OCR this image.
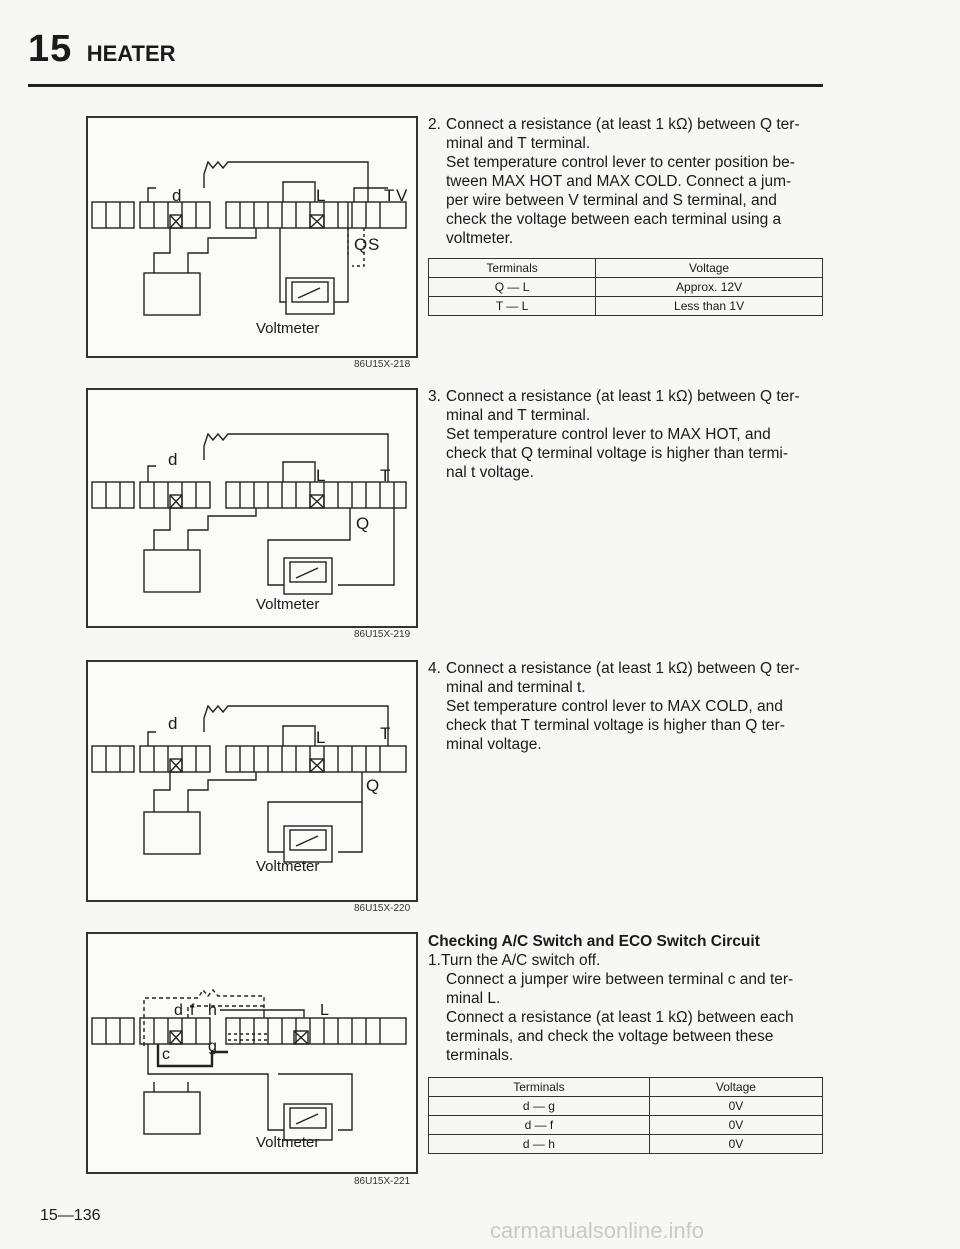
15 HEATER
d	L	T V
Q S
Voltmeter
86U15X-218
d
L	T
Q
Voltmeter
86U15X-219
d
L	T
Q
Voltmeter
86U15X-220
d f h	L
c g
Voltmeter
86U15X-221
2. Connect a resistance (at least 1 kΩ) between Q ter-
minal and T terminal.
Set temperature control lever to center position be-
tween MAX HOT and MAX COLD. Connect a jum-
per wire between V terminal and S terminal, and
check the voltage between each terminal using a
voltmeter.
Terminals	Voltage
Q — L	Approx. 12V
T — L	Less than 1V
3. Connect a resistance (at least 1 kΩ) between Q ter-
minal and T terminal.
Set temperature control lever to MAX HOT, and
check that Q terminal voltage is higher than termi-
nal t voltage.
4. Connect a resistance (at least 1 kΩ) between Q ter-
minal and terminal t.
Set temperature control lever to MAX COLD, and
check that T terminal voltage is higher than Q ter-
minal voltage.
Checking A/C Switch and ECO Switch Circuit
1.Turn the A/C switch off.
Connect a jumper wire between terminal c and ter-
minal L.
Connect a resistance (at least 1 kΩ) between each
terminals, and check the voltage between these
terminals.
Terminals	Voltage
d — g	0V
d — f	0V
d — h	0V
15—136
carmanualsonline.info
